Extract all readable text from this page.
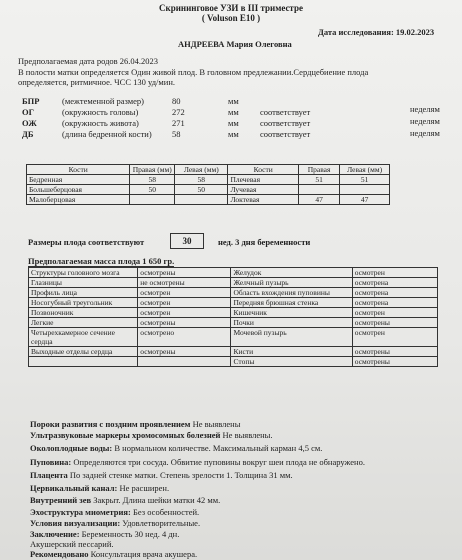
Скрининговое УЗИ в III триместре
( Voluson E10 )
Дата исследования: 19.02.2023
АНДРЕЕВА Мария Олеговна
Предполагаемая дата родов 26.04.2023
В полости матки определяется Один живой плод. В головном предлежании.Сердцебиение плода
определяется, ритмичное. ЧСС 130 уд/мин.
БПР	(межтеменной размер)	80	мм
ОГ	(окружность головы)	272	мм соответствует	неделям
ОЖ	(окружность живота)	271	мм соответствует	неделям
ДБ	(длина бедренной кости) 58	мм соответствует	неделям
Кости	Правая (мм)	Левая (мм)	Кости	Правая	Левая (мм)
Бедренная	58	58	Плечевая	51	51
Большеберцовая	50	50	Лучевая		
Малоберцовая			Локтевая	47	47
Размеры плода соответствуют	30	нед. 3 дня беременности
Предполагаемая масса плода 1 650 гр.
Структуры головного мозга	осмотрены	Желудок	осмотрен
Глазницы	не осмотрены	Желчный пузырь	осмотрена
Профиль лица	осмотрен	Область вхождения пуповины	осмотрена
Носогубный треугольник	осмотрен	Передняя брюшная стенка	осмотрена
Позвоночник	осмотрен	Кишечник	осмотрен
Легкие	осмотрены	Почки	осмотрены
Четырехкамерное сечение сердца	осмотрено	Мочевой пузырь	осмотрен
Выходные отделы сердца	осмотрены	Кисти	осмотрены
		Стопы	осмотрены
Пороки развития с поздним проявлением Не выявлены
Ультразвуковые маркеры хромосомных болезней Не выявлены.
Околоплодные воды: В нормальном количестве. Максимальный карман 4,5 см.
Пуповина: Определяются три сосуда. Обвитие пуповины вокруг шеи плода не обнаружено.
Плацента По задней стенке матки. Степень зрелости 1. Толщина 31 мм.
Цервикальный канал: Не расширен.
Внутренний зев Закрыт. Длина шейки матки 42 мм.
Эхоструктура миометрия: Без особенностей.
Условия визуализации: Удовлетворительные.
Заключение: Беременность 30 нед. 4 дн.
Акушерский пессарий.
Рекомендовано Консультация врача акушера.
